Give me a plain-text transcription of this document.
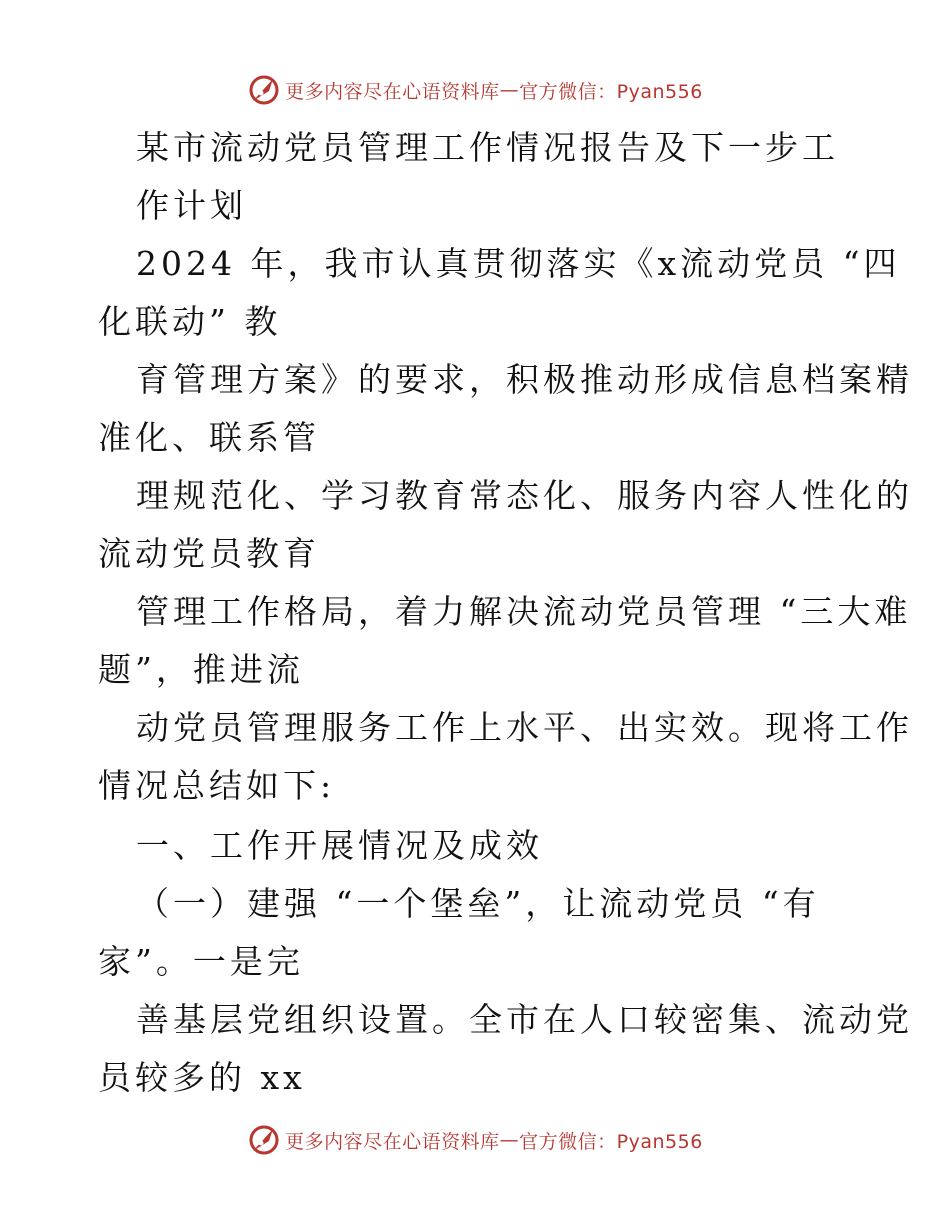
更多内容尽在心语资料库 — 官方微信：Pyan556
某市流动党员管理工作情况报告及下一步工
作计划
2024 年，我市认真贯彻落实《x流动党员 “四
化联动” 教
育管理方案》的要求，积极推动形成信息档案精
准化、联系管
理规范化、学习教育常态化、服务内容人性化的
流动党员教育
管理工作格局，着力解决流动党员管理 “三大难
题”，推进流
动党员管理服务工作上水平、出实效。现将工作
情况总结如下:
一、工作开展情况及成效
（一）建强 “一个堡垒”，让流动党员 “有
家”。一是完
善基层党组织设置。全市在人口较密集、流动党
员较多的 xx
更多内容尽在心语资料库 — 官方微信：Pyan556
